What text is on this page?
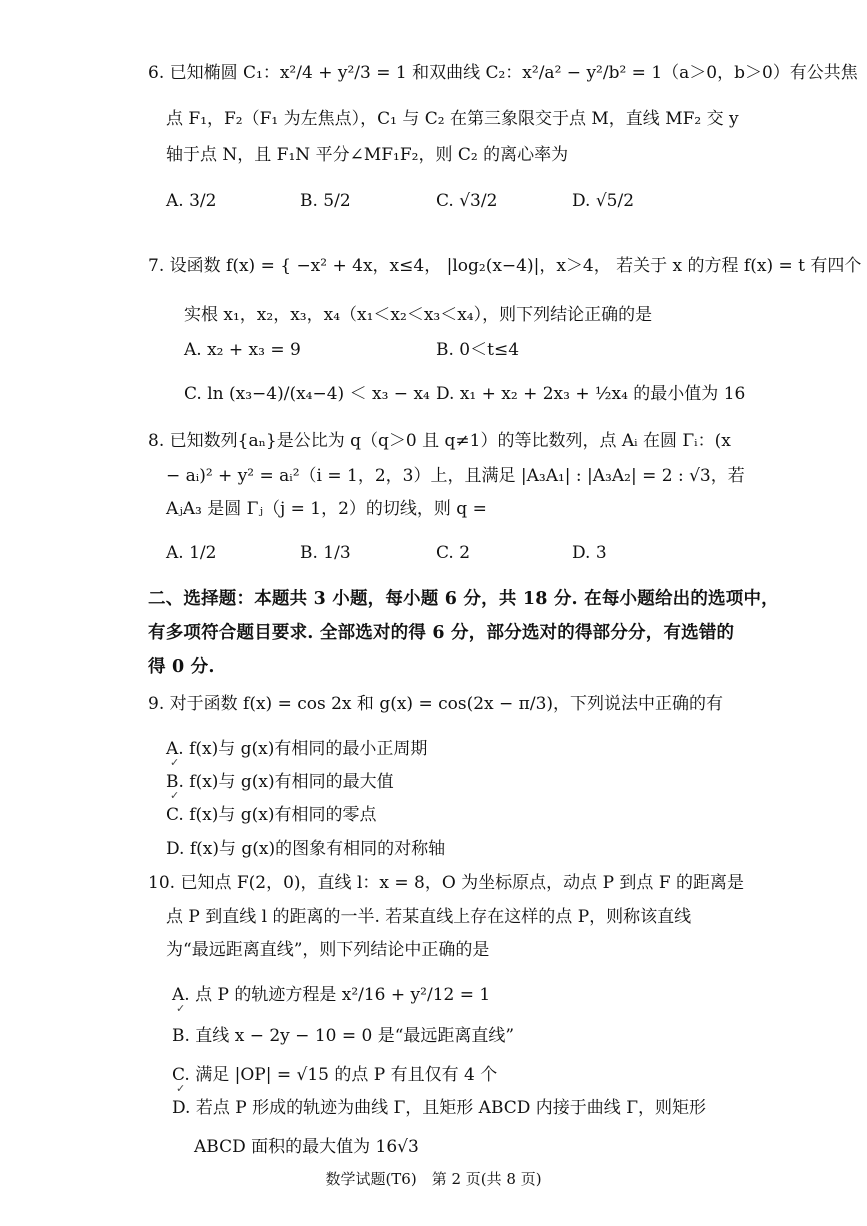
6. 已知椭圆 C₁：x²/4 + y²/3 = 1 和双曲线 C₂：x²/a² − y²/b² = 1（a＞0，b＞0）有公共焦
点 F₁，F₂（F₁ 为左焦点），C₁ 与 C₂ 在第三象限交于点 M，直线 MF₂ 交 y
轴于点 N，且 F₁N 平分∠MF₁F₂，则 C₂ 的离心率为
A. 3/2	B. 5/2	C. √3/2	D. √5/2
7. 设函数 f(x) = { −x² + 4x，x≤4， |log₂(x−4)|，x＞4， 若关于 x 的方程 f(x) = t 有四个
实根 x₁，x₂，x₃，x₄（x₁＜x₂＜x₃＜x₄），则下列结论正确的是
A. x₂ + x₃ = 9	B. 0＜t≤4
C. ln (x₃−4)/(x₄−4) ＜ x₃ − x₄ D. x₁ + x₂ + 2x₃ + ½x₄ 的最小值为 16
8. 已知数列{aₙ}是公比为 q（q＞0 且 q≠1）的等比数列，点 Aᵢ 在圆 Γᵢ：(x
− aᵢ)² + y² = aᵢ²（i = 1，2，3）上，且满足 |A₃A₁| : |A₃A₂| = 2 : √3，若
AⱼA₃ 是圆 Γⱼ（j = 1，2）的切线，则 q =
A. 1/2	B. 1/3	C. 2	D. 3
二、选择题：本题共 3 小题，每小题 6 分，共 18 分. 在每小题给出的选项中，
有多项符合题目要求. 全部选对的得 6 分，部分选对的得部分分，有选错的
得 0 分.
9. 对于函数 f(x) = cos 2x 和 g(x) = cos(2x − π/3)，下列说法中正确的有
A. f(x)与 g(x)有相同的最小正周期
B. f(x)与 g(x)有相同的最大值
C. f(x)与 g(x)有相同的零点
D. f(x)与 g(x)的图象有相同的对称轴
10. 已知点 F(2，0)，直线 l：x = 8，O 为坐标原点，动点 P 到点 F 的距离是
点 P 到直线 l 的距离的一半. 若某直线上存在这样的点 P，则称该直线
为“最远距离直线”，则下列结论中正确的是
A. 点 P 的轨迹方程是 x²/16 + y²/12 = 1
B. 直线 x − 2y − 10 = 0 是“最远距离直线”
C. 满足 |OP| = √15 的点 P 有且仅有 4 个
D. 若点 P 形成的轨迹为曲线 Γ，且矩形 ABCD 内接于曲线 Γ，则矩形
ABCD 面积的最大值为 16√3
✓
✓
✓
✓
数学试题(T6)　第 2 页(共 8 页)
